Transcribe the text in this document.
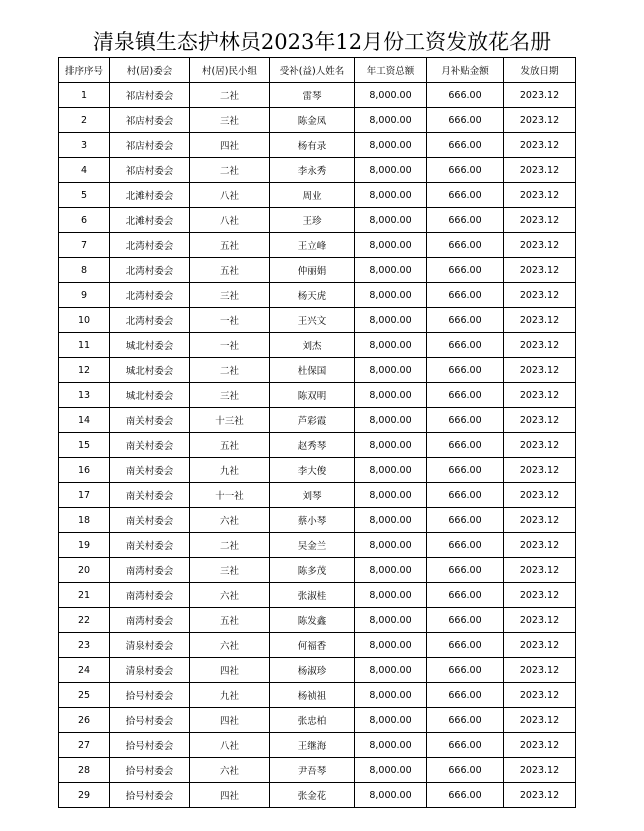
清泉镇生态护林员2023年12月份工资发放花名册
排序序号	村(居)委会	村(居)民小组	受补(益)人姓名	年工资总额	月补贴金额	发放日期
1	祁店村委会	二社	雷琴	8,000.00	666.00	2023.12
2	祁店村委会	三社	陈金凤	8,000.00	666.00	2023.12
3	祁店村委会	四社	杨有录	8,000.00	666.00	2023.12
4	祁店村委会	二社	李永秀	8,000.00	666.00	2023.12
5	北滩村委会	八社	周业	8,000.00	666.00	2023.12
6	北滩村委会	八社	王珍	8,000.00	666.00	2023.12
7	北湾村委会	五社	王立峰	8,000.00	666.00	2023.12
8	北湾村委会	五社	仲丽娟	8,000.00	666.00	2023.12
9	北湾村委会	三社	杨天虎	8,000.00	666.00	2023.12
10	北湾村委会	一社	王兴文	8,000.00	666.00	2023.12
11	城北村委会	一社	刘杰	8,000.00	666.00	2023.12
12	城北村委会	二社	杜保国	8,000.00	666.00	2023.12
13	城北村委会	三社	陈双明	8,000.00	666.00	2023.12
14	南关村委会	十三社	芦彩霞	8,000.00	666.00	2023.12
15	南关村委会	五社	赵秀琴	8,000.00	666.00	2023.12
16	南关村委会	九社	李大俊	8,000.00	666.00	2023.12
17	南关村委会	十一社	刘琴	8,000.00	666.00	2023.12
18	南关村委会	六社	蔡小琴	8,000.00	666.00	2023.12
19	南关村委会	二社	吴金兰	8,000.00	666.00	2023.12
20	南湾村委会	三社	陈多茂	8,000.00	666.00	2023.12
21	南湾村委会	六社	张淑桂	8,000.00	666.00	2023.12
22	南湾村委会	五社	陈发鑫	8,000.00	666.00	2023.12
23	清泉村委会	六社	何福香	8,000.00	666.00	2023.12
24	清泉村委会	四社	杨淑珍	8,000.00	666.00	2023.12
25	拾号村委会	九社	杨祯祖	8,000.00	666.00	2023.12
26	拾号村委会	四社	张忠柏	8,000.00	666.00	2023.12
27	拾号村委会	八社	王继海	8,000.00	666.00	2023.12
28	拾号村委会	六社	尹吾琴	8,000.00	666.00	2023.12
29	拾号村委会	四社	张金花	8,000.00	666.00	2023.12
